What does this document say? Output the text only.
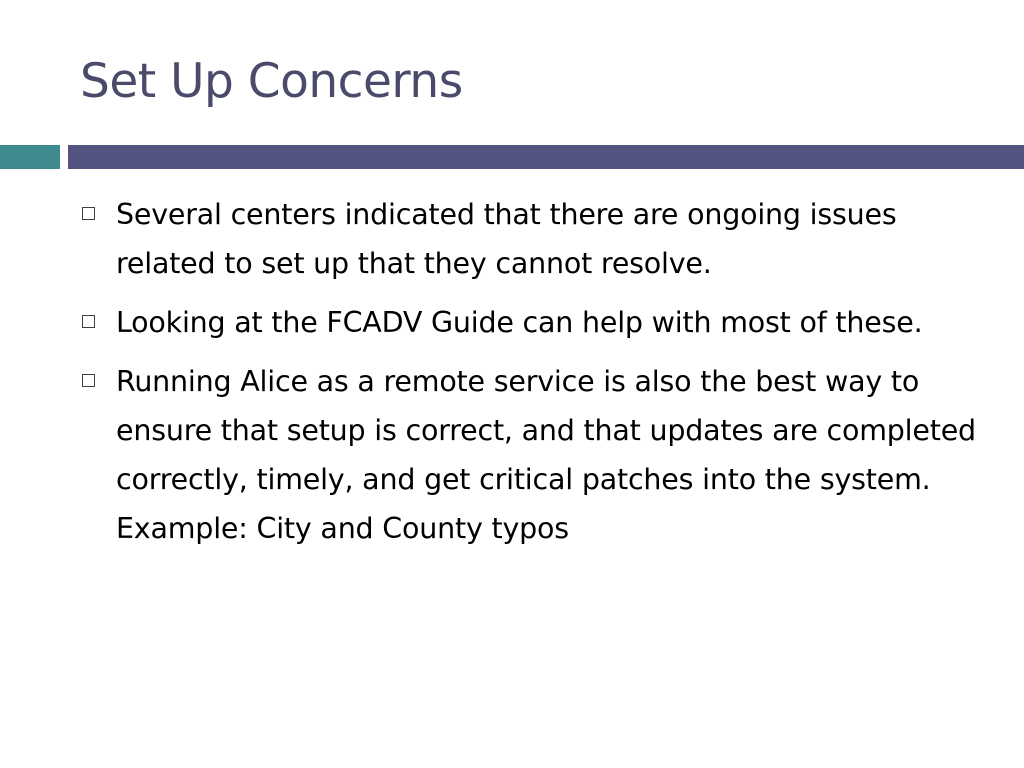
Set Up Concerns
Several centers indicated that there are ongoing issues related to set up that they cannot resolve.
Looking at the FCADV Guide can help with most of these.
Running Alice as a remote service is also the best way to ensure that setup is correct, and that updates are completed correctly, timely, and get critical patches into the system. Example: City and County typos
